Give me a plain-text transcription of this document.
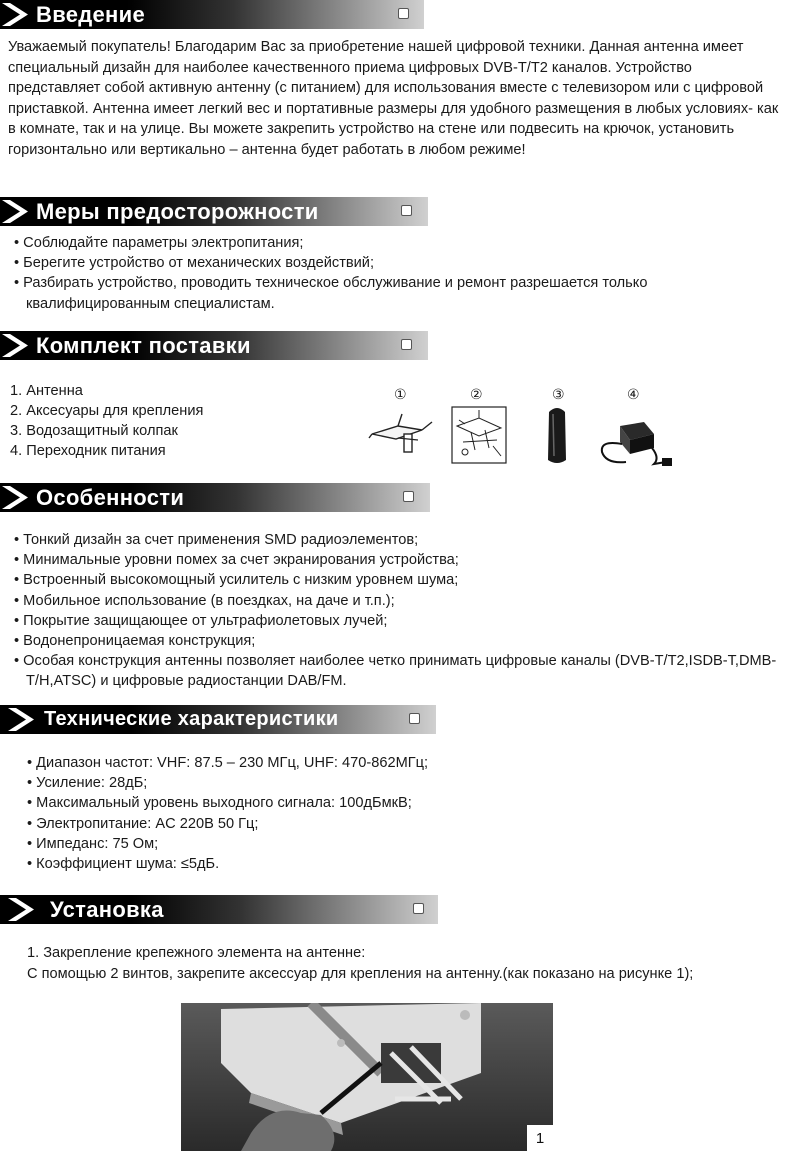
Введение

Уважаемый покупатель! Благодарим Вас за приобретение нашей цифровой техники. Данная антенна имеет специальный дизайн для наиболее качественного приема цифровых DVB-T/T2 каналов. Устройство представляет собой активную антенну (с питанием) для использования вместе с телевизором или с цифровой приставкой. Антенна имеет легкий вес и портативные размеры для удобного размещения в любых условиях- как в комнате, так и на улице. Вы можете закрепить устройство на стене или подвесить на крючок, установить горизонтально или вертикально – антенна будет работать в любом режиме!

Меры предосторожности
• Соблюдайте параметры электропитания;
• Берегите устройство от механических воздействий;
• Разбирать устройство, проводить техническое обслуживание и ремонт разрешается только квалифицированным специалистам.
Комплект поставки
1. Антенна
2. Аксесуары для крепления
3. Водозащитный колпак
4. Переходник питания
①	②	③	④
Особенности
• Тонкий дизайн за счет применения SMD радиоэлементов;
• Минимальные уровни помех за счет экранирования устройства;
• Встроенный высокомощный усилитель с низким уровнем шума;
• Мобильное использование (в поездках, на даче и т.п.);
• Покрытие защищающее от ультрафиолетовых лучей;
• Водонепроницаемая конструкция;
• Особая конструкция антенны позволяет наиболее четко принимать цифровые каналы (DVB-T/T2,ISDB-T,DMB-T/H,ATSC) и цифровые радиостанции DAB/FM.
Технические характеристики
• Диапазон частот: VHF: 87.5 – 230 МГц, UHF: 470-862МГц;
• Усиление: 28дБ;
• Максимальный уровень выходного сигнала: 100дБмкВ;
• Электропитание: AC 220В 50 Гц;
• Импеданс: 75 Ом;
• Коэффициент шума: ≤5дБ.
Установка

1. Закрепление крепежного элемента на антенне:

С помощью 2 винтов, закрепите аксессуар для крепления на антенну.(как показано на рисунке 1);

1
